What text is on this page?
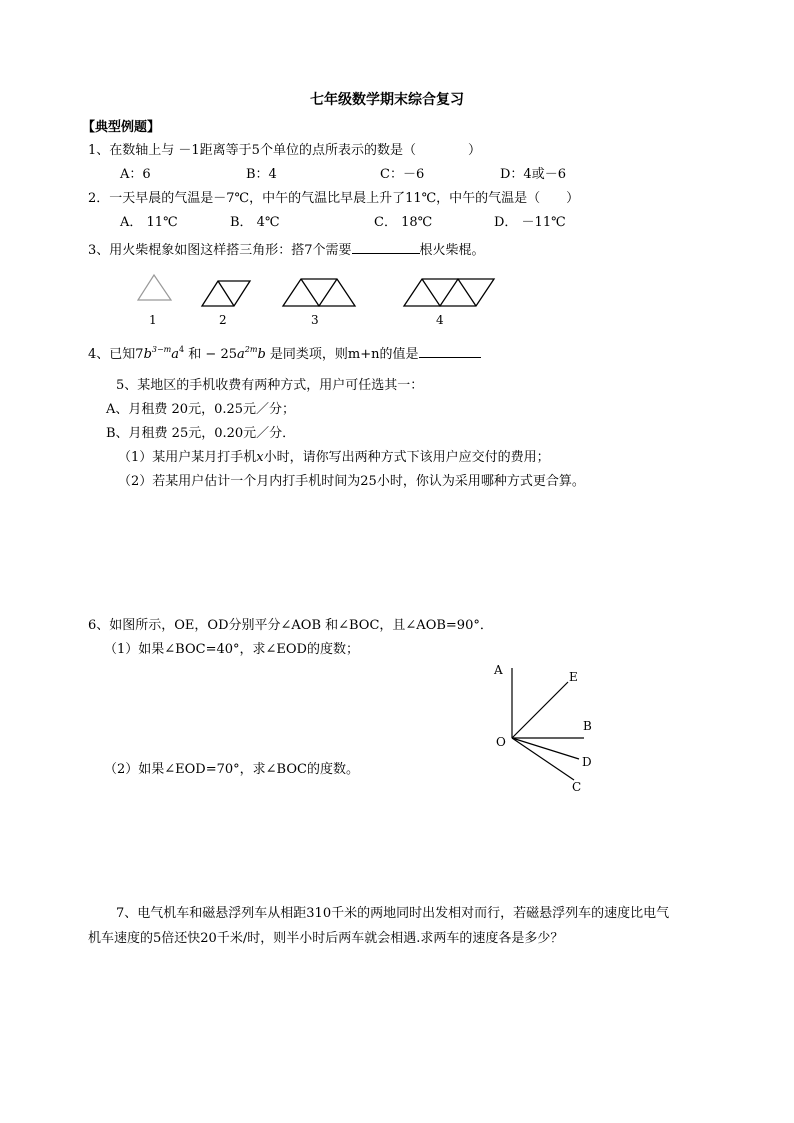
七年级数学期末综合复习
【典型例题】
1、在数轴上与 －1距离等于5个单位的点所表示的数是（　　　　）
A：6	B：4	C：－6	D：4或－6
2．一天早晨的气温是－7℃，中午的气温比早晨上升了11℃，中午的气温是（　　）
A． 11℃	B． 4℃	C． 18℃	D． －11℃
3、用火柴棍象如图这样搭三角形：搭7个需要	根火柴棍。
1	2	3	4
4、已知$7b^{3-m}a^4$ 和 − $25a^{2m}b$ 是同类项，则m+n的值是
5、某地区的手机收费有两种方式，用户可任选其一：
A、月租费 20元，0.25元／分；
B、月租费 25元，0.20元／分．
（1）某用户某月打手机x小时，请你写出两种方式下该用户应交付的费用；
（2）若某用户估计一个月内打手机时间为25小时，你认为采用哪种方式更合算。
6、如图所示，OE，OD分别平分∠AOB 和∠BOC，且∠AOB=90°．
（1）如果∠BOC=40°，求∠EOD的度数；
（2）如果∠EOD=70°，求∠BOC的度数。
A	E
B
O
D
C
7、电气机车和磁悬浮列车从相距310千米的两地同时出发相对而行，若磁悬浮列车的速度比电气
机车速度的5倍还快20千米/时，则半小时后两车就会相遇.求两车的速度各是多少？
